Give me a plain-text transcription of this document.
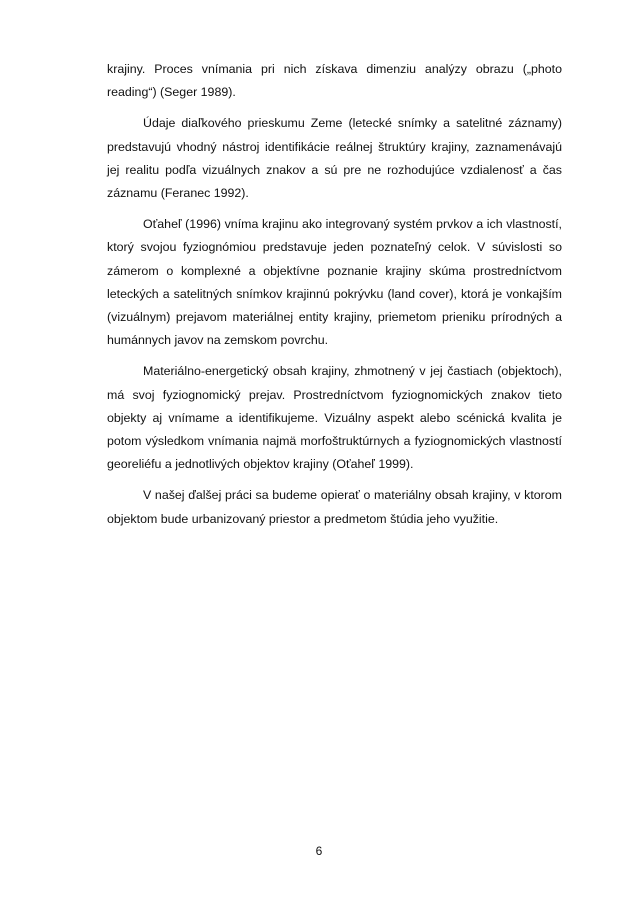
krajiny. Proces vnímania pri nich získava dimenziu analýzy obrazu („photo reading“) (Seger 1989).

Údaje diaľkového prieskumu Zeme (letecké snímky a satelitné záznamy) predstavujú vhodný nástroj identifikácie reálnej štruktúry krajiny, zaznamenávajú jej realitu podľa vizuálnych znakov a sú pre ne rozhodujúce vzdialenosť a čas záznamu (Feranec 1992).

Oťaheľ (1996) vníma krajinu ako integrovaný systém prvkov a ich vlastností, ktorý svojou fyziognómiou predstavuje jeden poznateľný celok. V súvislosti so zámerom o komplexné a objektívne poznanie krajiny skúma prostredníctvom leteckých a satelitných snímkov krajinnú pokrývku (land cover), ktorá je vonkajším (vizuálnym) prejavom materiálnej entity krajiny, priemetom prieniku prírodných a humánnych javov na zemskom povrchu.

Materiálno-energetický obsah krajiny, zhmotnený v jej častiach (objektoch), má svoj fyziognomický prejav. Prostredníctvom fyziognomických znakov tieto objekty aj vnímame a identifikujeme. Vizuálny aspekt alebo scénická kvalita je potom výsledkom vnímania najmä morfoštruktúrnych a fyziognomických vlastností georeliéfu a jednotlivých objektov krajiny (Oťaheľ 1999).

V našej ďalšej práci sa budeme opierať o materiálny obsah krajiny, v ktorom objektom bude urbanizovaný priestor a predmetom štúdia jeho využitie.

6
